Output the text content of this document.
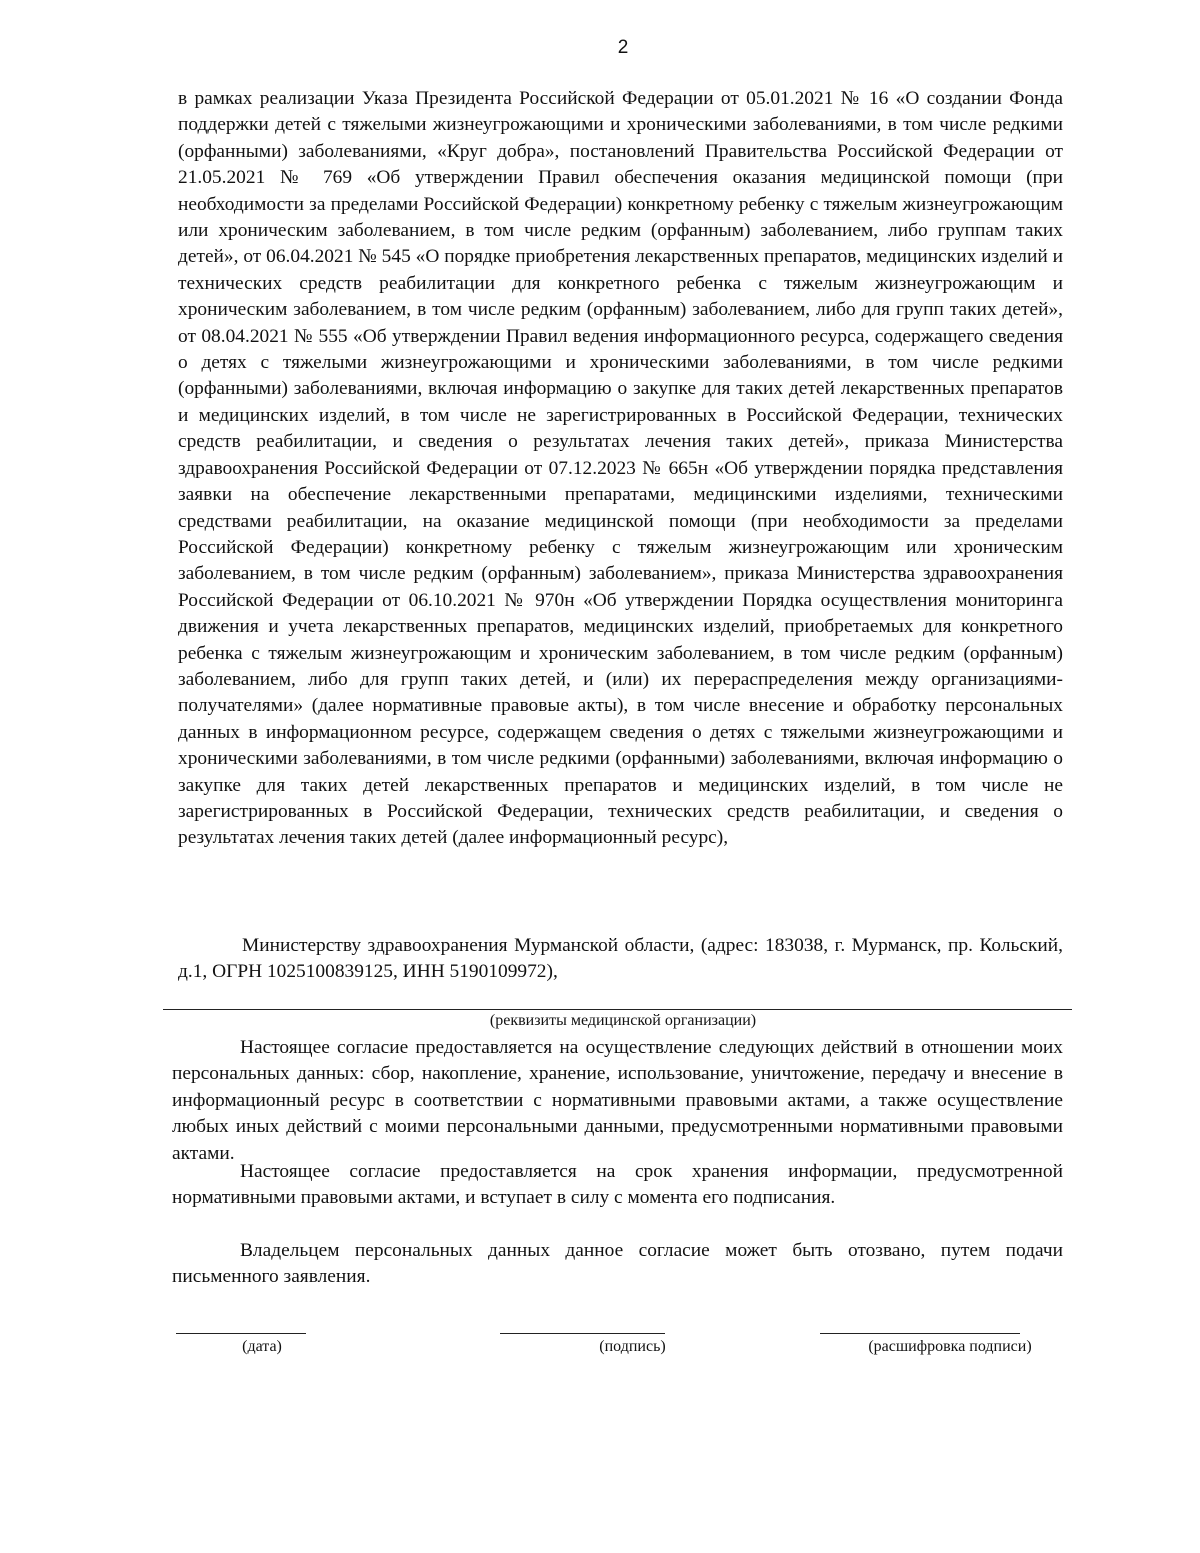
2

в рамках реализации Указа Президента Российской Федерации от 05.01.2021 № 16 «О создании Фонда поддержки детей с тяжелыми жизнеугрожающими и хроническими заболеваниями, в том числе редкими (орфанными) заболеваниями, «Круг добра», постановлений Правительства Российской Федерации от 21.05.2021 № 769 «Об утверждении Правил обеспечения оказания медицинской помощи (при необходимости за пределами Российской Федерации) конкретному ребенку с тяжелым жизнеугрожающим или хроническим заболеванием, в том числе редким (орфанным) заболеванием, либо группам таких детей», от 06.04.2021 № 545 «О порядке приобретения лекарственных препаратов, медицинских изделий и технических средств реабилитации для конкретного ребенка с тяжелым жизнеугрожающим и хроническим заболеванием, в том числе редким (орфанным) заболеванием, либо для групп таких детей», от 08.04.2021 № 555 «Об утверждении Правил ведения информационного ресурса, содержащего сведения о детях с тяжелыми жизнеугрожающими и хроническими заболеваниями, в том числе редкими (орфанными) заболеваниями, включая информацию о закупке для таких детей лекарственных препаратов и медицинских изделий, в том числе не зарегистрированных в Российской Федерации, технических средств реабилитации, и сведения о результатах лечения таких детей», приказа Министерства здравоохранения Российской Федерации от 07.12.2023 № 665н «Об утверждении порядка представления заявки на обеспечение лекарственными препаратами, медицинскими изделиями, техническими средствами реабилитации, на оказание медицинской помощи (при необходимости за пределами Российской Федерации) конкретному ребенку с тяжелым жизнеугрожающим или хроническим заболеванием, в том числе редким (орфанным) заболеванием», приказа Министерства здравоохранения Российской Федерации от 06.10.2021 № 970н «Об утверждении Порядка осуществления мониторинга движения и учета лекарственных препаратов, медицинских изделий, приобретаемых для конкретного ребенка с тяжелым жизнеугрожающим и хроническим заболеванием, в том числе редким (орфанным) заболеванием, либо для групп таких детей, и (или) их перераспределения между организациями-получателями» (далее нормативные правовые акты), в том числе внесение и обработку персональных данных в информационном ресурсе, содержащем сведения о детях с тяжелыми жизнеугрожающими и хроническими заболеваниями, в том числе редкими (орфанными) заболеваниями, включая информацию о закупке для таких детей лекарственных препаратов и медицинских изделий, в том числе не зарегистрированных в Российской Федерации, технических средств реабилитации, и сведения о результатах лечения таких детей (далее информационный ресурс),

Министерству здравоохранения Мурманской области, (адрес: 183038, г. Мурманск, пр. Кольский, д.1, ОГРН 1025100839125, ИНН 5190109972),

(реквизиты медицинской организации)

Настоящее согласие предоставляется на осуществление следующих действий в отношении моих персональных данных: сбор, накопление, хранение, использование, уничтожение, передачу и внесение в информационный ресурс в соответствии с нормативными правовыми актами, а также осуществление любых иных действий с моими персональными данными, предусмотренными нормативными правовыми актами.

Настоящее согласие предоставляется на срок хранения информации, предусмотренной нормативными правовыми актами, и вступает в силу с момента его подписания.

Владельцем персональных данных данное согласие может быть отозвано, путем подачи письменного заявления.

(дата)	(подпись)	(расшифровка подписи)
